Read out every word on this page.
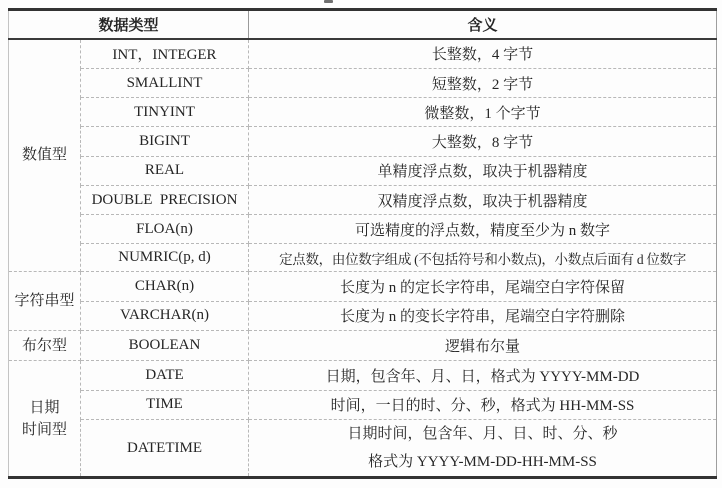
数据类型		含义
数值型	INT，INTEGER	长整数，4 字节
	SMALLINT	短整数，2 字节
	TINYINT	微整数，1 个字节
	BIGINT	大整数，8 字节
	REAL	单精度浮点数，取决于机器精度
	DOUBLE  PRECISION	双精度浮点数，取决于机器精度
	FLOA(n)	可选精度的浮点数，精度至少为 n 数字
	NUMRIC(p, d)	定点数，由位数字组成 (不包括符号和小数点)，小数点后面有 d 位数字
字符串型	CHAR(n)	长度为 n 的定长字符串，尾端空白字符保留
	VARCHAR(n)	长度为 n 的变长字符串，尾端空白字符删除
布尔型	BOOLEAN	逻辑布尔量

日期
时间型	DATE	日期，包含年、月、日，格式为 YYYY-MM-DD
	TIME	时间，一日的时、分、秒，格式为 HH-MM-SS
	DATETIME	日期时间，包含年、月、日、时、分、秒
格式为 YYYY-MM-DD-HH-MM-SS
